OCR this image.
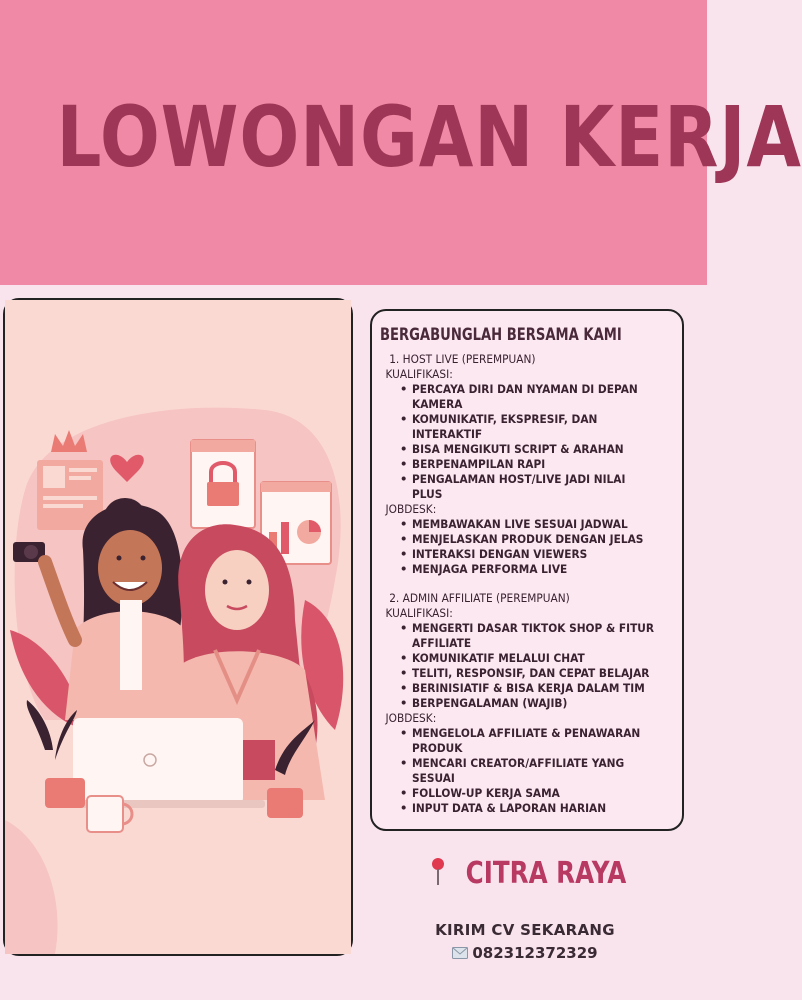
LOWONGAN KERJA
BERGABUNGLAH BERSAMA KAMI
1. HOST LIVE (PEREMPUAN)
KUALIFIKASI:
• PERCAYA DIRI DAN NYAMAN DI DEPAN KAMERA
• KOMUNIKATIF, EKSPRESIF, DAN INTERAKTIF
• BISA MENGIKUTI SCRIPT & ARAHAN
• BERPENAMPILAN RAPI
• PENGALAMAN HOST/LIVE JADI NILAI PLUS
JOBDESK:
• MEMBAWAKAN LIVE SESUAI JADWAL
• MENJELASKAN PRODUK DENGAN JELAS
• INTERAKSI DENGAN VIEWERS
• MENJAGA PERFORMA LIVE
2. ADMIN AFFILIATE (PEREMPUAN)
KUALIFIKASI:
• MENGERTI DASAR TIKTOK SHOP & FITUR AFFILIATE
• KOMUNIKATIF MELALUI CHAT
• TELITI, RESPONSIF, DAN CEPAT BELAJAR
• BERINISIATIF & BISA KERJA DALAM TIM
• BERPENGALAMAN (WAJIB)
JOBDESK:
• MENGELOLA AFFILIATE & PENAWARAN PRODUK
• MENCARI CREATOR/AFFILIATE YANG SESUAI
• FOLLOW-UP KERJA SAMA
• INPUT DATA & LAPORAN HARIAN
CITRA RAYA
KIRIM CV SEKARANG
082312372329
